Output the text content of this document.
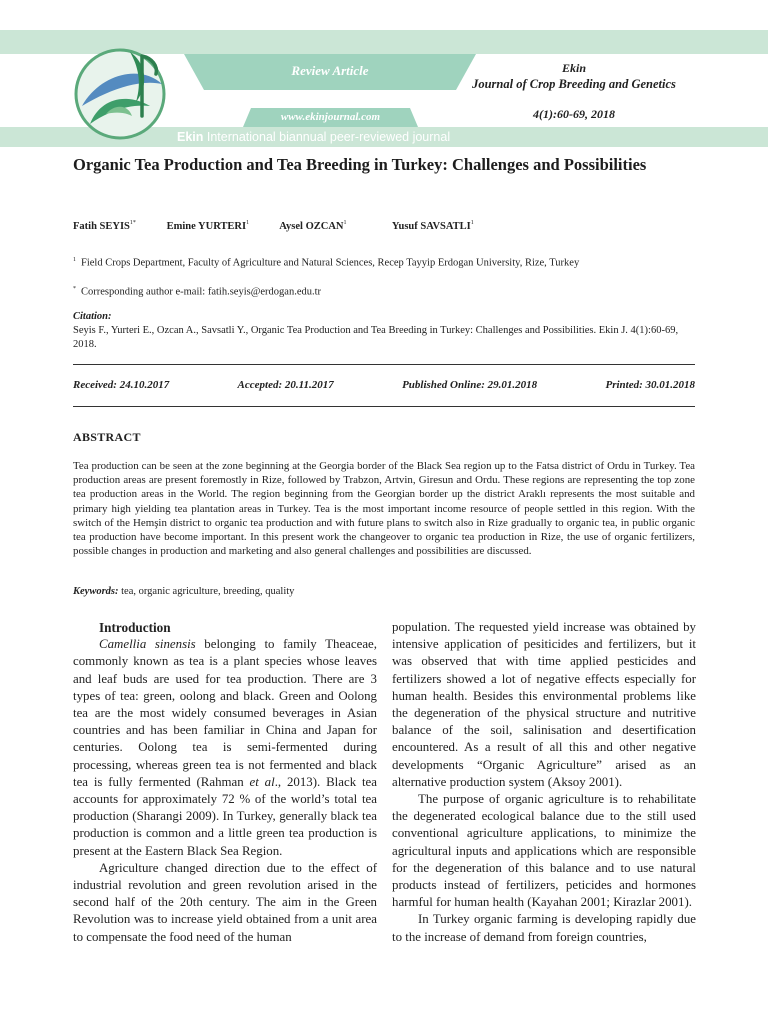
Review Article
www.ekinjournal.com
Ekin International biannual peer-reviewed journal
Ekin
Journal of Crop Breeding and Genetics
4(1):60-69, 2018
Organic Tea Production and Tea Breeding in Turkey: Challenges and Possibilities
Fatih $SEYIS^{1*}$	Emine YURTERI$^1$	Aysel OZCAN$^1$	Yusuf SAVSATLI$^1$
$^1$ Field Crops Department, Faculty of Agriculture and Natural Sciences, Recep Tayyip Erdogan University, Rize, Turkey
* Corresponding author e-mail: fatih.seyis@erdogan.edu.tr
Citation:
Seyis F., Yurteri E., Ozcan A., Savsatli Y., Organic Tea Production and Tea Breeding in Turkey: Challenges and Possibilities. Ekin J. 4(1):60-69, 2018.
Received: 24.10.2017	Accepted: 20.11.2017	Published Online: 29.01.2018	Printed: 30.01.2018
ABSTRACT
Tea production can be seen at the zone beginning at the Georgia border of the Black Sea region up to the Fatsa district of Ordu in Turkey. Tea production areas are present foremostly in Rize, followed by Trabzon, Artvin, Giresun and Ordu. These regions are representing the top zone tea production areas in the World. The region beginning from the Georgian border up the district Araklı represents the most suitable and primary high yielding tea plantation areas in Turkey. Tea is the most important income resource of people settled in this region. With the switch of the Hemşin district to organic tea production and with future plans to switch also in Rize gradually to organic tea, in public organic tea production have become important. In this present work the changeover to organic tea production in Rize, the use of organic fertilizers, possible changes in production and marketing and also general challenges and possibilities are discussed.
Keywords: tea, organic agriculture, breeding, quality
Introduction

Camellia sinensis belonging to family Theaceae, commonly known as tea is a plant species whose leaves and leaf buds are used for tea production. There are 3 types of tea: green, oolong and black. Green and Oolong tea are the most widely consumed beverages in Asian countries and has been familiar in China and Japan for centuries. Oolong tea is semi-fermented during processing, whereas green tea is not fermented and black tea is fully fermented (Rahman et al., 2013). Black tea accounts for approximately 72 % of the world’s total tea production (Sharangi 2009). In Turkey, generally black tea production is common and a little green tea production is present at the Eastern Black Sea Region.

Agriculture changed direction due to the effect of industrial revolution and green revolution arised in the second half of the 20th century. The aim in the Green Revolution was to increase yield obtained from a unit area to compensate the food need of the human

population. The requested yield increase was obtained by intensive application of pesiticides and fertilizers, but it was observed that with time applied pesticides and fertilizers showed a lot of negative effects especially for human health. Besides this environmental problems like the degeneration of the physical structure and nutritive balance of the soil, salinisation and desertification encountered. As a result of all this and other negative developments “Organic Agriculture” arised as an alternative production system (Aksoy 2001).

The purpose of organic agriculture is to rehabilitate the degenerated ecological balance due to the still used conventional agriculture applications, to minimize the agricultural inputs and applications which are responsible for the degeneration of this balance and to use natural products instead of fertilizers, peticides and hormones harmful for human health (Kayahan 2001; Kirazlar 2001).

In Turkey organic farming is developing rapidly due to the increase of demand from foreign countries,
